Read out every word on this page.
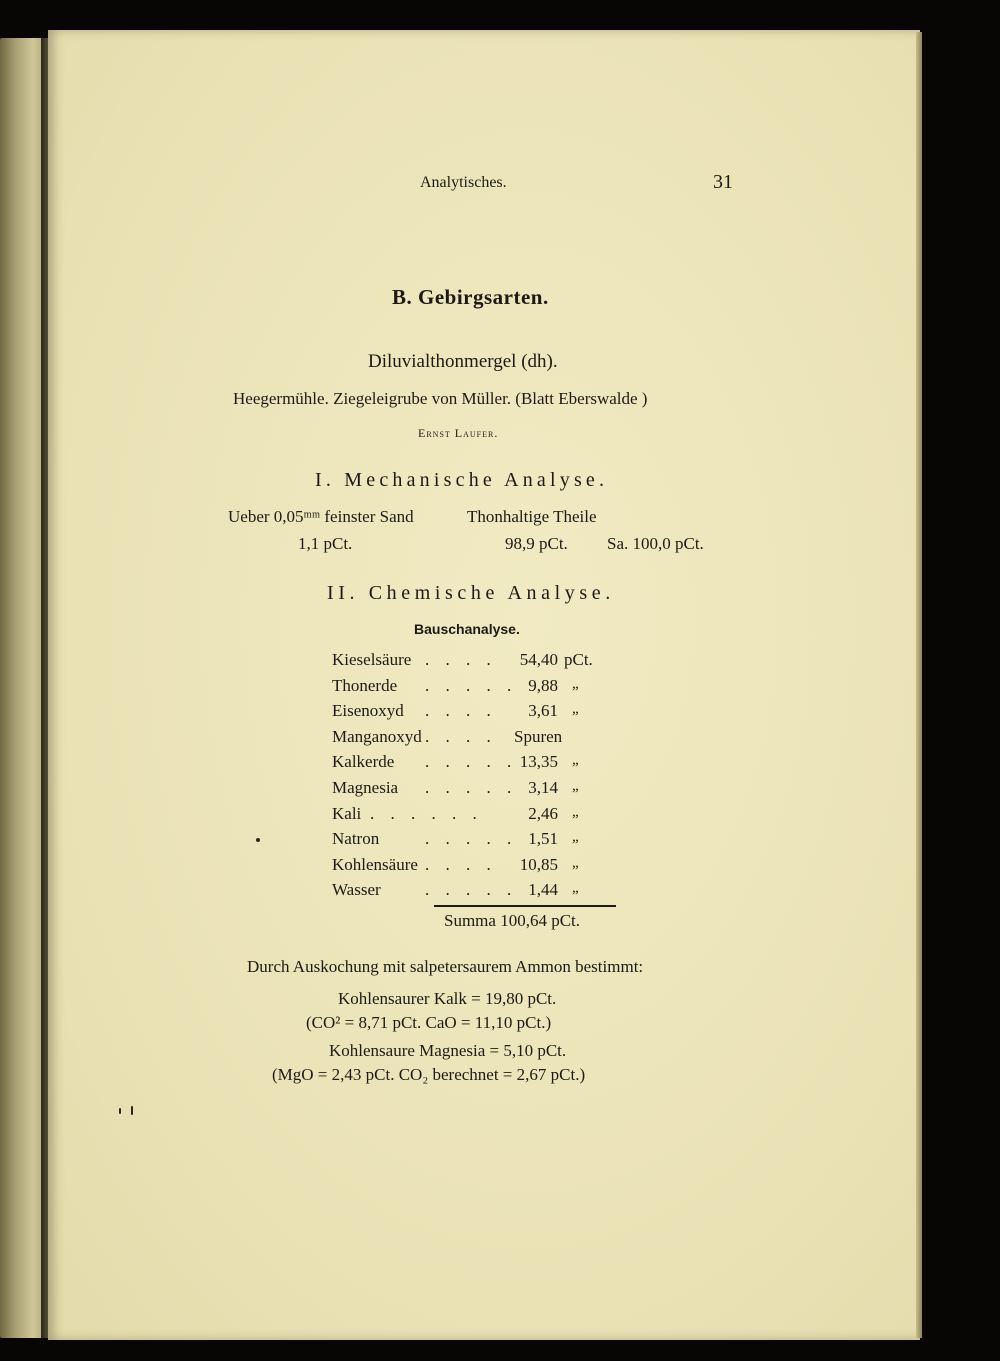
Analytisches.	31
B. Gebirgsarten.
Diluvialthonmergel (dh).
Heegermühle. Ziegeleigrube von Müller. (Blatt Eberswalde )
Ernst Laufer.
I. Mechanische Analyse.
Ueber 0,05ᵐᵐ feinster Sand	Thonhaltige Theile
1,1 pCt.	98,9 pCt. Sa. 100,0 pCt.
II. Chemische Analyse.
Bauschanalyse.
Kieselsäure . . . . 54,40 pCt.
Thonerde . . . . . 9,88 „
Eisenoxyd . . . . 3,61 „
Manganoxyd . . . . Spuren
Kalkerde . . . . . 13,35 „
Magnesia . . . . . 3,14 „
Kali . . . . . .	2,46 „
Natron	. . . . . 1,51 „
Kohlensäure . . . . 10,85 „
Wasser	. . . . . 1,44 „
Summa 100,64 pCt.
Durch Auskochung mit salpetersaurem Ammon bestimmt:
Kohlensaurer Kalk = 19,80 pCt.
(CO² = 8,71 pCt. CaO = 11,10 pCt.)
Kohlensaure Magnesia = 5,10 pCt.
(MgO = 2,43 pCt. CO₂ berechnet = 2,67 pCt.)
